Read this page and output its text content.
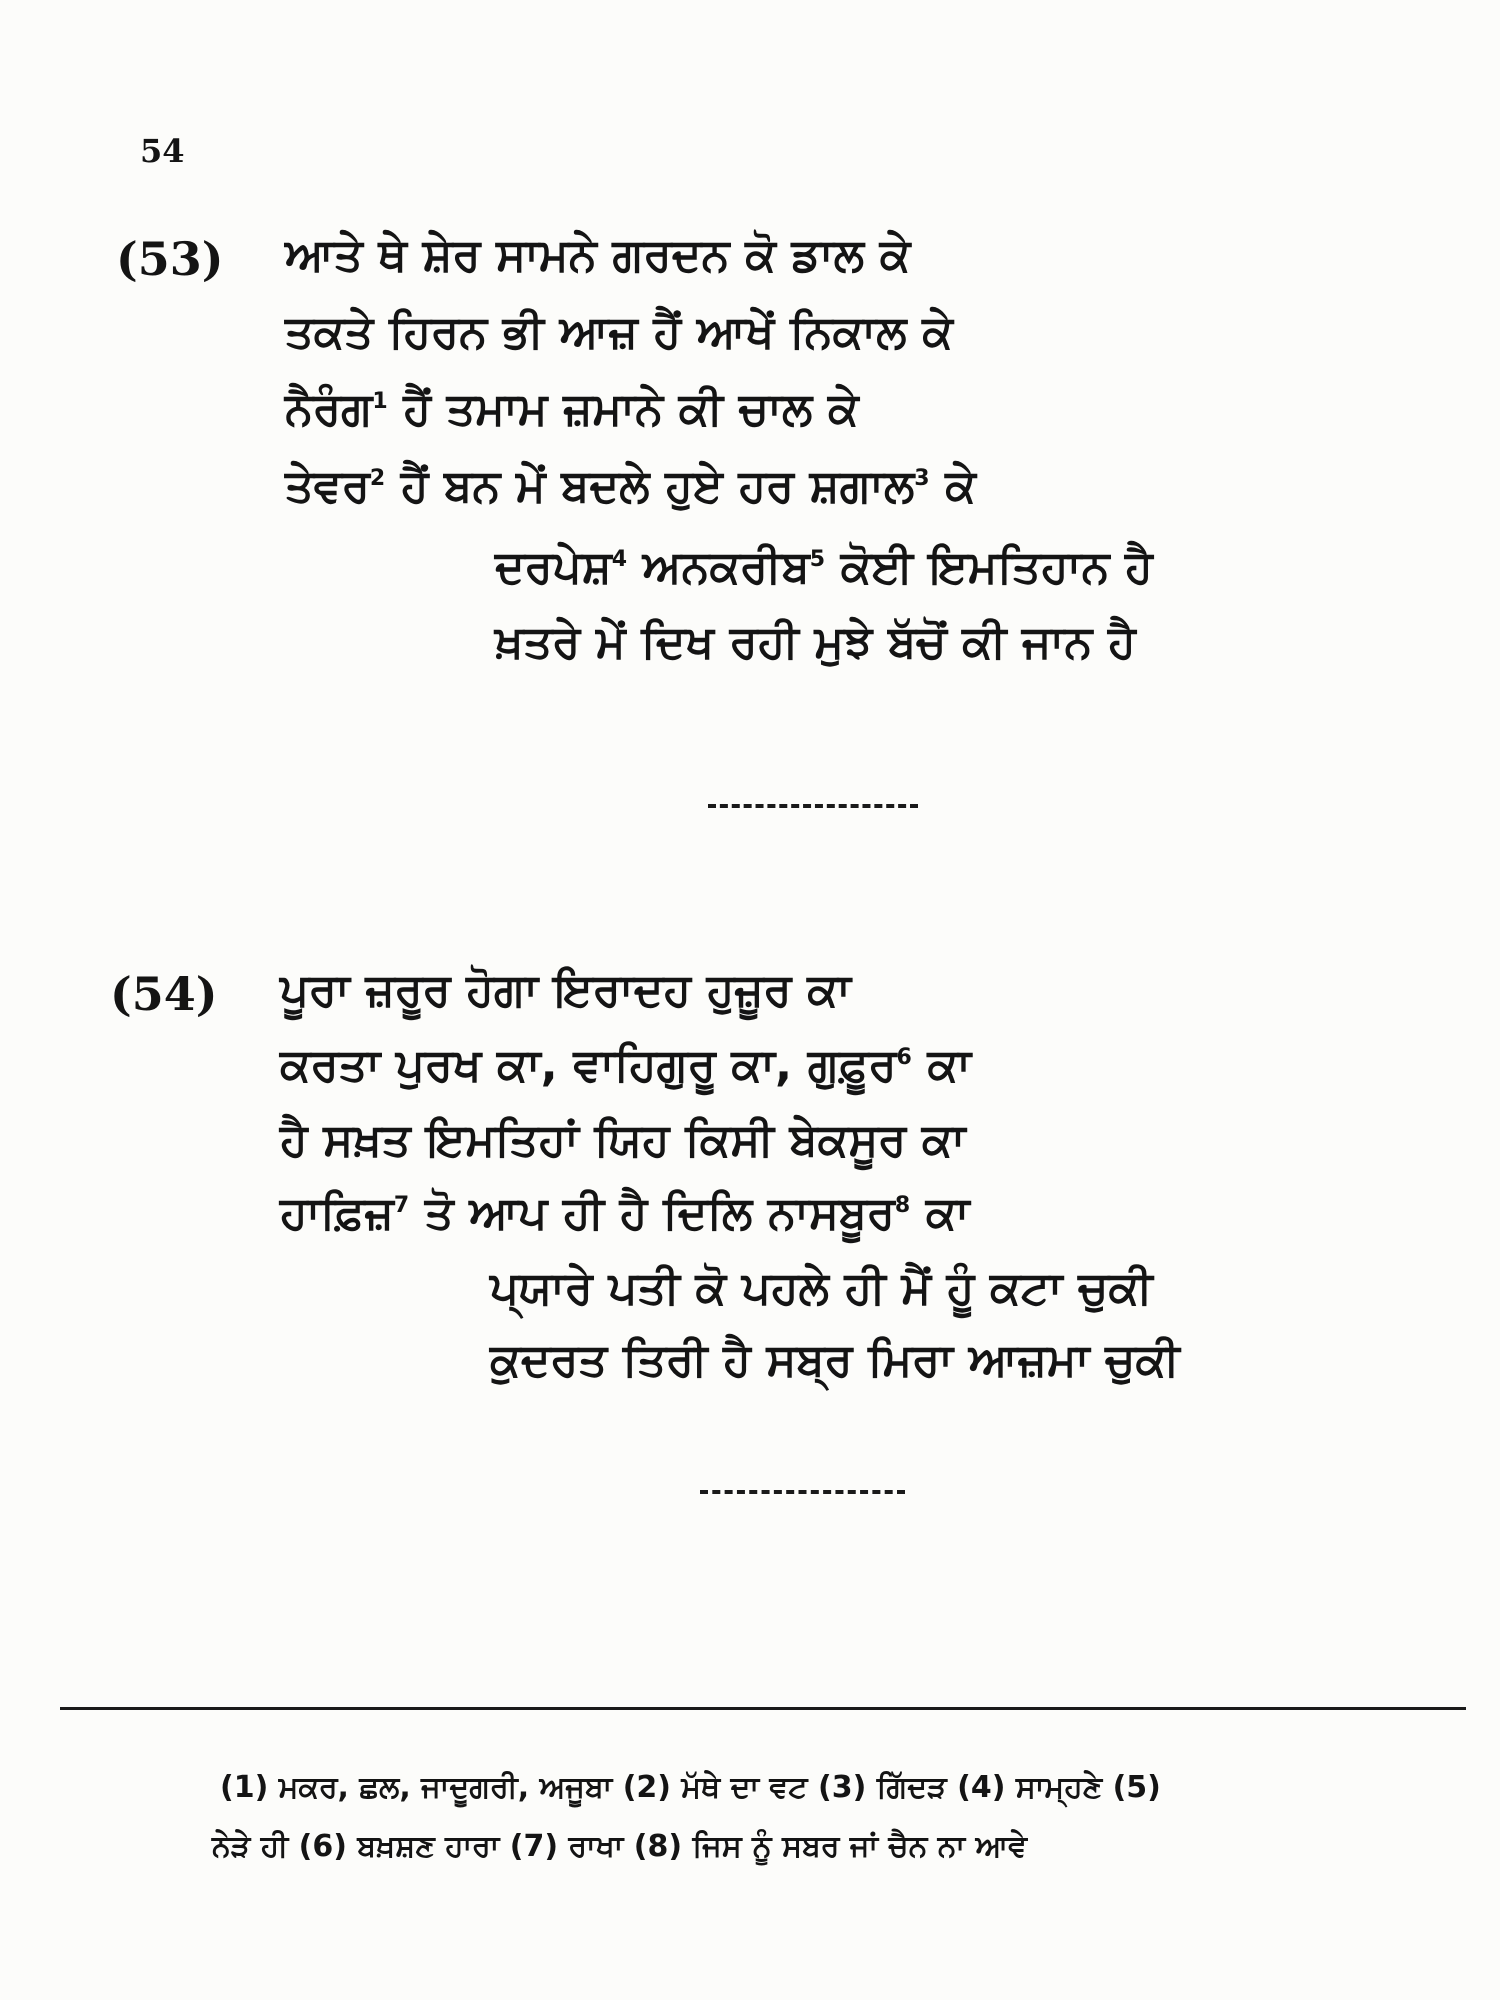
54
(53) ਆਤੇ ਥੇ ਸ਼ੇਰ ਸਾਮਨੇ ਗਰਦਨ ਕੋ ਡਾਲ ਕੇ
ਤਕਤੇ ਹਿਰਨ ਭੀ ਆਜ਼ ਹੈਂ ਆਖੇਂ ਨਿਕਾਲ ਕੇ
ਨੈਰੰਗ$^1$ ਹੈਂ ਤਮਾਮ ਜ਼ਮਾਨੇ ਕੀ ਚਾਲ ਕੇ
ਤੇਵਰ$^2$ ਹੈਂ ਬਨ ਮੇਂ ਬਦਲੇ ਹੁਏ ਹਰ ਸ਼ਗਾਲ$^3$ ਕੇ
ਦਰਪੇਸ਼$^4$ ਅਨਕਰੀਬ$^5$ ਕੋਈ ਇਮਤਿਹਾਨ ਹੈ
ਖ਼ਤਰੇ ਮੇਂ ਦਿਖ ਰਹੀ ਮੁਝੇ ਬੱਚੋਂ ਕੀ ਜਾਨ ਹੈ
(54) ਪੂਰਾ ਜ਼ਰੂਰ ਹੋਗਾ ਇਰਾਦਹ ਹੁਜ਼ੂਰ ਕਾ
ਕਰਤਾ ਪੁਰਖ ਕਾ, ਵਾਹਿਗੁਰੂ ਕਾ, ਗੁਫ਼ੂਰ$^6$ ਕਾ
ਹੈ ਸਖ਼ਤ ਇਮਤਿਹਾਂ ਯਿਹ ਕਿਸੀ ਬੇਕਸੂਰ ਕਾ
ਹਾਫ਼ਿਜ਼$^7$ ਤੋ ਆਪ ਹੀ ਹੈ ਦਿਲਿ ਨਾਸਬੂਰ$^8$ ਕਾ
ਪ੍ਯਾਰੇ ਪਤੀ ਕੋ ਪਹਲੇ ਹੀ ਮੈਂ ਹੂੰ ਕਟਾ ਚੁਕੀ
ਕੁਦਰਤ ਤਿਰੀ ਹੈ ਸਬ੍ਰ ਮਿਰਾ ਆਜ਼ਮਾ ਚੁਕੀ
(1) ਮਕਰ, ਛਲ, ਜਾਦੂਗਰੀ, ਅਜੂਬਾ (2) ਮੱਥੇ ਦਾ ਵਟ (3) ਗਿੱਦੜ (4) ਸਾਮ੍ਹਣੇ (5)
ਨੇੜੇ ਹੀ (6) ਬਖ਼ਸ਼ਣ ਹਾਰਾ (7) ਰਾਖਾ (8) ਜਿਸ ਨੂੰ ਸਬਰ ਜਾਂ ਚੈਨ ਨਾ ਆਵੇ
